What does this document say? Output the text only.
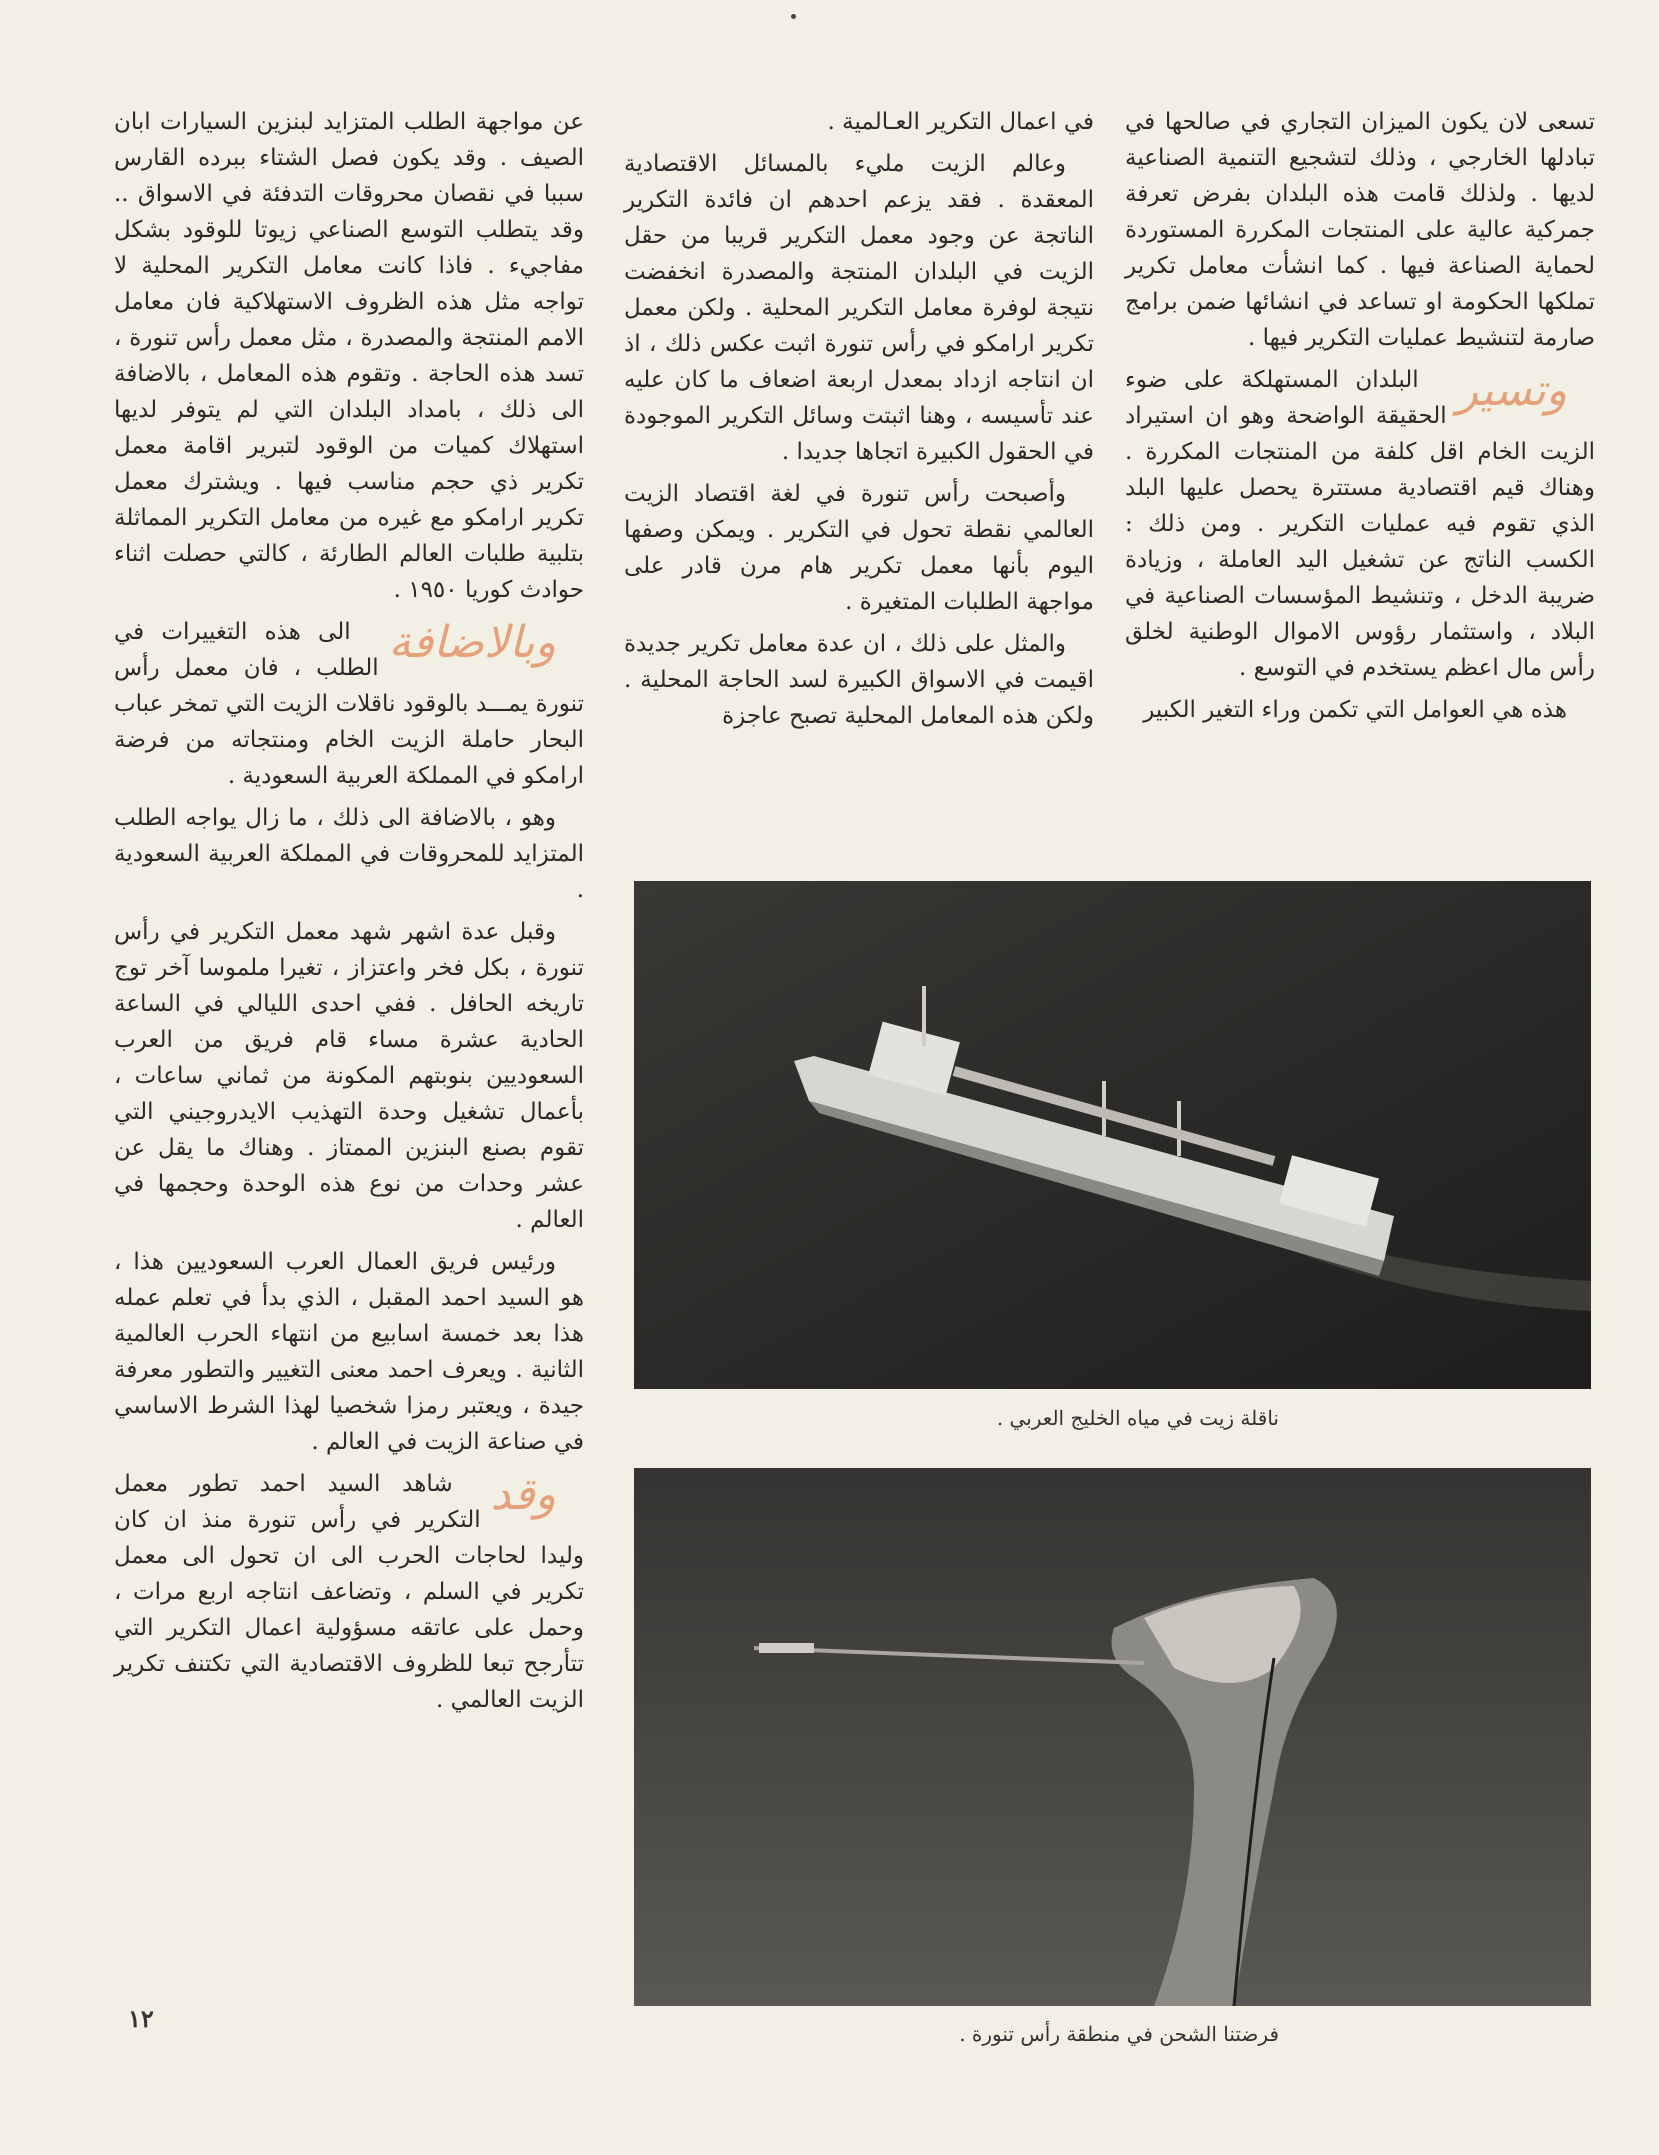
تسعى لان يكون الميزان التجاري في صالحها في تبادلها الخارجي ، وذلك لتشجيع التنمية الصناعية لديها . ولذلك قامت هذه البلدان بفرض تعرفة جمركية عالية على المنتجات المكررة المستوردة لحماية الصناعة فيها . كما انشأت معامل تكرير تملكها الحكومة او تساعد في انشائها ضمن برامج صارمة لتنشيط عمليات التكرير فيها .

وتسير
البلدان المستهلكة على ضوء الحقيقة الواضحة وهو ان استيراد الزيت الخام اقل كلفة من المنتجات المكررة . وهناك قيم اقتصادية مستترة يحصل عليها البلد الذي تقوم فيه عمليات التكرير . ومن ذلك : الكسب الناتج عن تشغيل اليد العاملة ، وزيادة ضريبة الدخل ، وتنشيط المؤسسات الصناعية في البلاد ، واستثمار رؤوس الاموال الوطنية لخلق رأس مال اعظم يستخدم في التوسع .

هذه هي العوامل التي تكمن وراء التغير الكبير

في اعمال التكرير العـالمية .

وعالم الزيت مليء بالمسائل الاقتصادية المعقدة . فقد يزعم احدهم ان فائدة التكرير الناتجة عن وجود معمل التكرير قريبا من حقل الزيت في البلدان المنتجة والمصدرة انخفضت نتيجة لوفرة معامل التكرير المحلية . ولكن معمل تكرير ارامكو في رأس تنورة اثبت عكس ذلك ، اذ ان انتاجه ازداد بمعدل اربعة اضعاف ما كان عليه عند تأسيسه ، وهنا اثبتت وسائل التكرير الموجودة في الحقول الكبيرة اتجاها جديدا .

وأصبحت رأس تنورة في لغة اقتصاد الزيت العالمي نقطة تحول في التكرير . ويمكن وصفها اليوم بأنها معمل تكرير هام مرن قادر على مواجهة الطلبات المتغيرة .

والمثل على ذلك ، ان عدة معامل تكرير جديدة اقيمت في الاسواق الكبيرة لسد الحاجة المحلية . ولكن هذه المعامل المحلية تصبح عاجزة

عن مواجهة الطلب المتزايد لبنزين السيارات ابان الصيف . وقد يكون فصل الشتاء ببرده القارس سببا في نقصان محروقات التدفئة في الاسواق .. وقد يتطلب التوسع الصناعي زيوتا للوقود بشكل مفاجيء . فاذا كانت معامل التكرير المحلية لا تواجه مثل هذه الظروف الاستهلاكية فان معامل الامم المنتجة والمصدرة ، مثل معمل رأس تنورة ، تسد هذه الحاجة . وتقوم هذه المعامل ، بالاضافة الى ذلك ، بامداد البلدان التي لم يتوفر لديها استهلاك كميات من الوقود لتبرير اقامة معمل تكرير ذي حجم مناسب فيها . ويشترك معمل تكرير ارامكو مع غيره من معامل التكرير المماثلة بتلبية طلبات العالم الطارئة ، كالتي حصلت اثناء حوادث كوريا ١٩٥٠ .

وبالاضافة
الى هذه التغييرات في الطلب ، فان معمل رأس تنورة يمـــد بالوقود ناقلات الزيت التي تمخر عباب البحار حاملة الزيت الخام ومنتجاته من فرضة ارامكو في المملكة العربية السعودية .

وهو ، بالاضافة الى ذلك ، ما زال يواجه الطلب المتزايد للمحروقات في المملكة العربية السعودية .

وقبل عدة اشهر شهد معمل التكرير في رأس تنورة ، بكل فخر واعتزاز ، تغيرا ملموسا آخر توج تاريخه الحافل . ففي احدى الليالي في الساعة الحادية عشرة مساء قام فريق من العرب السعوديين بنوبتهم المكونة من ثماني ساعات ، بأعمال تشغيل وحدة التهذيب الايدروجيني التي تقوم بصنع البنزين الممتاز . وهناك ما يقل عن عشر وحدات من نوع هذه الوحدة وحجمها في العالم .

ورئيس فريق العمال العرب السعوديين هذا ، هو السيد احمد المقبل ، الذي بدأ في تعلم عمله هذا بعد خمسة اسابيع من انتهاء الحرب العالمية الثانية . ويعرف احمد معنى التغيير والتطور معرفة جيدة ، ويعتبر رمزا شخصيا لهذا الشرط الاساسي في صناعة الزيت في العالم .

وقد
شاهد السيد احمد تطور معمل التكرير في رأس تنورة منذ ان كان وليدا لحاجات الحرب الى ان تحول الى معمل تكرير في السلم ، وتضاعف انتاجه اربع مرات ، وحمل على عاتقه مسؤولية اعمال التكرير التي تتأرجح تبعا للظروف الاقتصادية التي تكتنف تكرير الزيت العالمي .

ناقلة زيت في مياه الخليج العربي .
فرضتنا الشحن في منطقة رأس تنورة .
١٢
